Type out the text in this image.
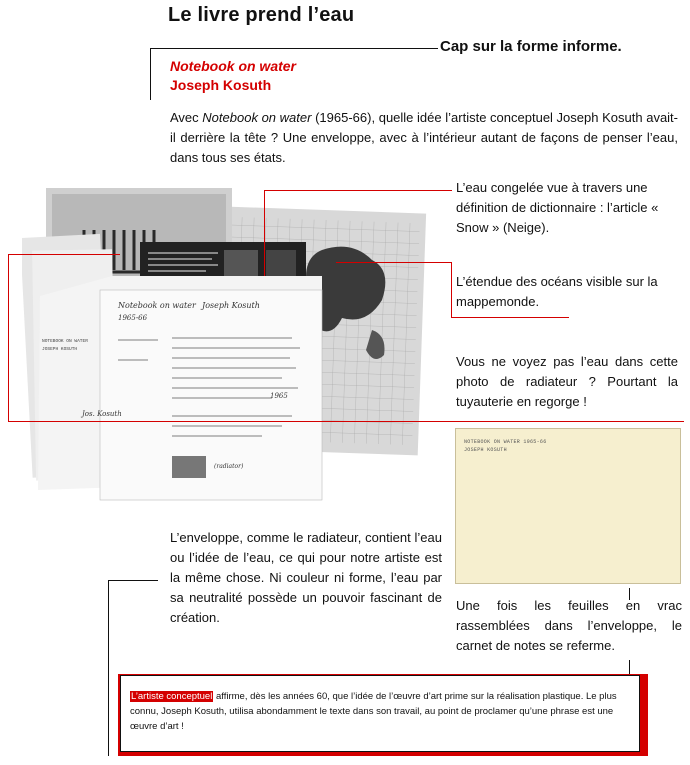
Le livre prend l’eau
Cap sur la forme informe.
Notebook on water
Joseph Kosuth
Avec Notebook on water (1965-66), quelle idée l’artiste conceptuel Joseph Kosuth avait-il derrière la tête ? Une enveloppe, avec à l’intérieur autant de façons de penser l’eau, dans tous ses états.
Notebook on water
1965-66
Joseph Kosuth
1965
Jos. Kosuth
(radiator)
NOTEBOOK ON WATER
JOSEPH KOSUTH
L’eau congelée vue à travers une définition de dictionnaire : l’article « Snow » (Neige).
L’étendue des océans visible sur la mappemonde.
Vous ne voyez pas l’eau dans cette photo de radiateur ? Pourtant la tuyauterie en regorge !
NOTEBOOK ON WATER 1965-66
JOSEPH KOSUTH
L’enveloppe, comme le radiateur, contient l’eau ou l’idée de l’eau, ce qui pour notre artiste est la même chose. Ni couleur ni forme, l’eau par sa neutralité possède un pouvoir fascinant de création.
Une fois les feuilles en vrac rassemblées dans l’enveloppe, le carnet de notes se referme.
L’artiste conceptuel affirme, dès les années 60, que l’idée de l’œuvre d’art prime sur la réalisation plastique. Le plus connu, Joseph Kosuth, utilisa abondamment le texte dans son travail, au point de proclamer qu’une phrase est une œuvre d’art !
